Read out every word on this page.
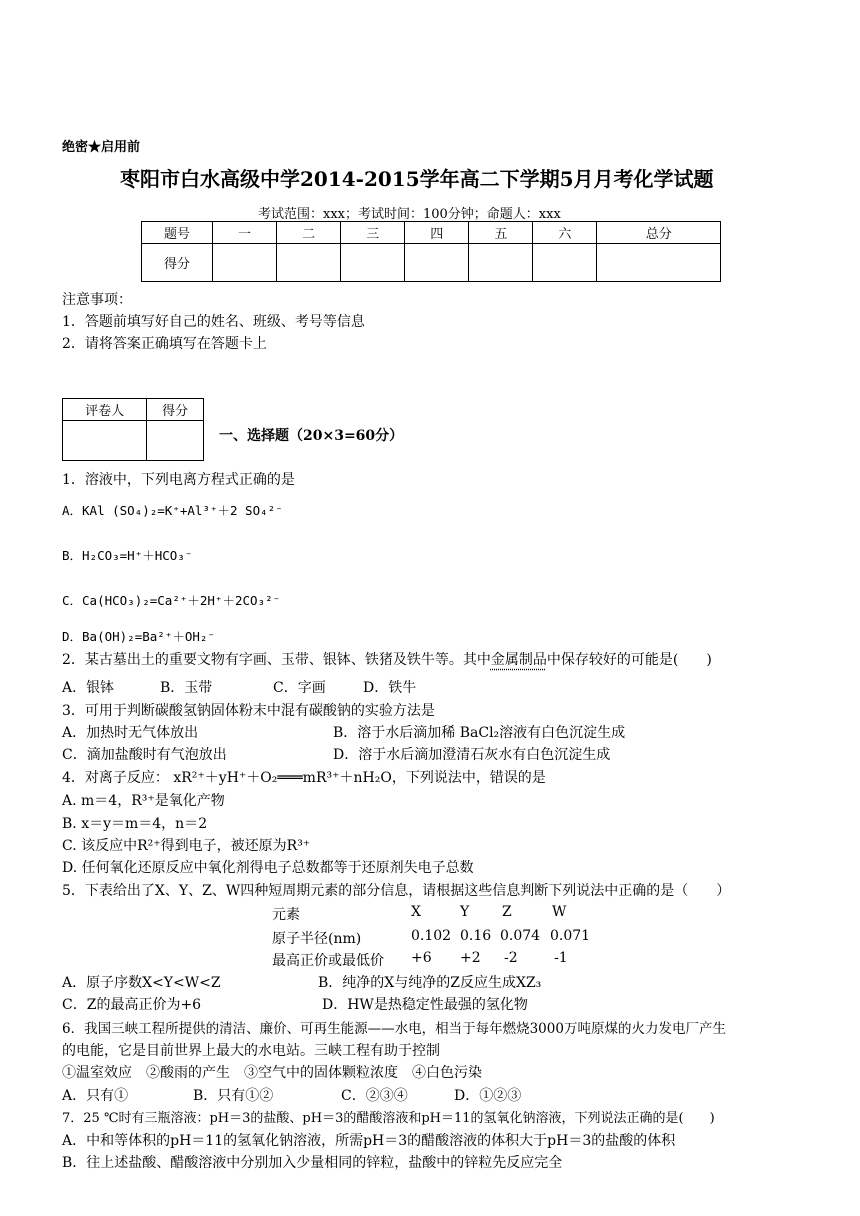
绝密★启用前
枣阳市白水高级中学2014-2015学年高二下学期5月月考化学试题
考试范围：xxx；考试时间：100分钟；命题人：xxx
题号	一	二	三	四	五	六	总分
得分							
注意事项：
1．答题前填写好自己的姓名、班级、考号等信息
2．请将答案正确填写在答题卡上
评卷人	得分

一、选择题（20×3=60分）
1．溶液中，下列电离方程式正确的是
A．KAl (SO₄)₂=K⁺+Al³⁺＋2 SO₄²⁻
B．H₂CO₃=H⁺＋HCO₃⁻
C．Ca(HCO₃)₂=Ca²⁺＋2H⁺＋2CO₃²⁻
D．Ba(OH)₂=Ba²⁺＋OH₂⁻
2．某古墓出土的重要文物有字画、玉带、银钵、铁猪及铁牛等。其中金属制品中保存较好的可能是(　　)
A．银钵	B．玉带	C．字画	D．铁牛
3．可用于判断碳酸氢钠固体粉末中混有碳酸钠的实验方法是
A．加热时无气体放出	B．溶于水后滴加稀 BaCl₂溶液有白色沉淀生成
C．滴加盐酸时有气泡放出	D．溶于水后滴加澄清石灰水有白色沉淀生成
4．对离子反应： xR²⁺＋yH⁺＋O₂═══mR³⁺＋nH₂O，下列说法中，错误的是
A. m＝4，R³⁺是氧化产物
B. x＝y＝m＝4，n＝2
C. 该反应中R²⁺得到电子，被还原为R³⁺
D. 任何氧化还原反应中氧化剂得电子总数都等于还原剂失电子总数
5．下表给出了X、Y、Z、W四种短周期元素的部分信息，请根据这些信息判断下列说法中正确的是（　　）
元素	X	Y Z	W
原子半径(nm)	0.102 0.16 0.074 0.071
最高正价或最低价 +6 +2 -2	-1
A．原子序数X<Y<W<Z	B．纯净的X与纯净的Z反应生成XZ₃
C．Z的最高正价为+6	D．HW是热稳定性最强的氢化物
6．我国三峡工程所提供的清洁、廉价、可再生能源——水电，相当于每年燃烧3000万吨原煤的火力发电厂产生
的电能，它是目前世界上最大的水电站。三峡工程有助于控制
①温室效应　②酸雨的产生　③空气中的固体颗粒浓度　④白色污染
A．只有①	B．只有①②	C．②③④	D．①②③
7．25 ℃时有三瓶溶液：pH＝3的盐酸、pH＝3的醋酸溶液和pH＝11的氢氧化钠溶液，下列说法正确的是(　　)
A．中和等体积的pH＝11的氢氧化钠溶液，所需pH＝3的醋酸溶液的体积大于pH＝3的盐酸的体积
B．往上述盐酸、醋酸溶液中分别加入少量相同的锌粒，盐酸中的锌粒先反应完全
